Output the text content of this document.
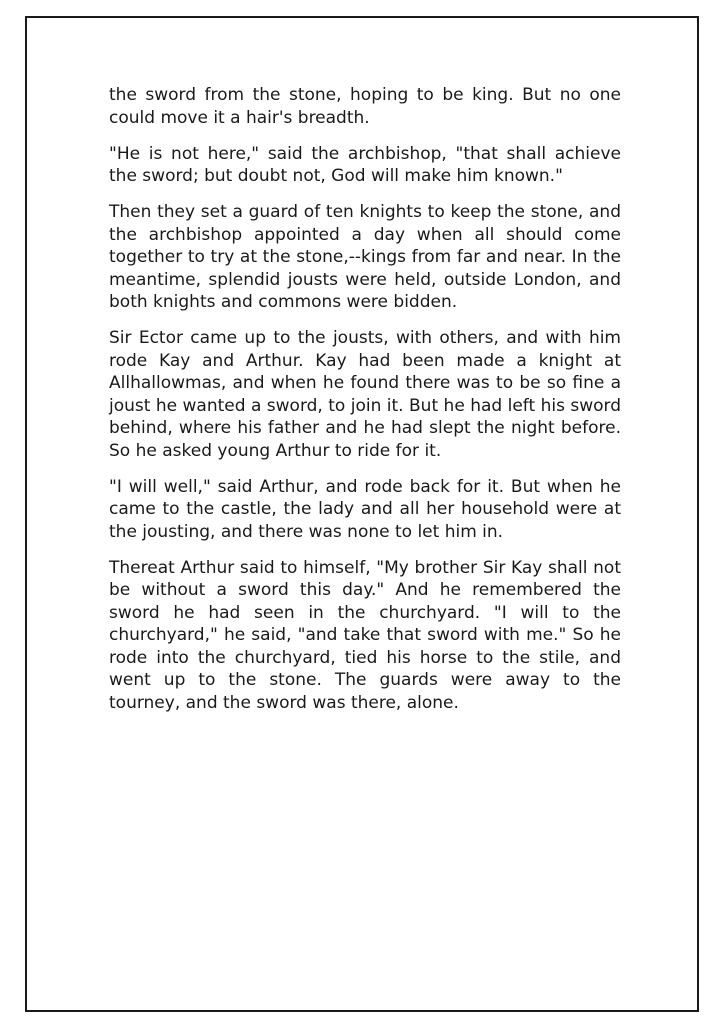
the sword from the stone, hoping to be king. But no one could move it a hair's breadth.

"He is not here," said the archbishop, "that shall achieve the sword; but doubt not, God will make him known."

Then they set a guard of ten knights to keep the stone, and the archbishop appointed a day when all should come together to try at the stone,--kings from far and near. In the meantime, splendid jousts were held, outside London, and both knights and commons were bidden.

Sir Ector came up to the jousts, with others, and with him rode Kay and Arthur. Kay had been made a knight at Allhallowmas, and when he found there was to be so fine a joust he wanted a sword, to join it. But he had left his sword behind, where his father and he had slept the night before. So he asked young Arthur to ride for it.

"I will well," said Arthur, and rode back for it. But when he came to the castle, the lady and all her household were at the jousting, and there was none to let him in.

Thereat Arthur said to himself, "My brother Sir Kay shall not be without a sword this day." And he remembered the sword he had seen in the churchyard. "I will to the churchyard," he said, "and take that sword with me." So he rode into the churchyard, tied his horse to the stile, and went up to the stone. The guards were away to the tourney, and the sword was there, alone.
